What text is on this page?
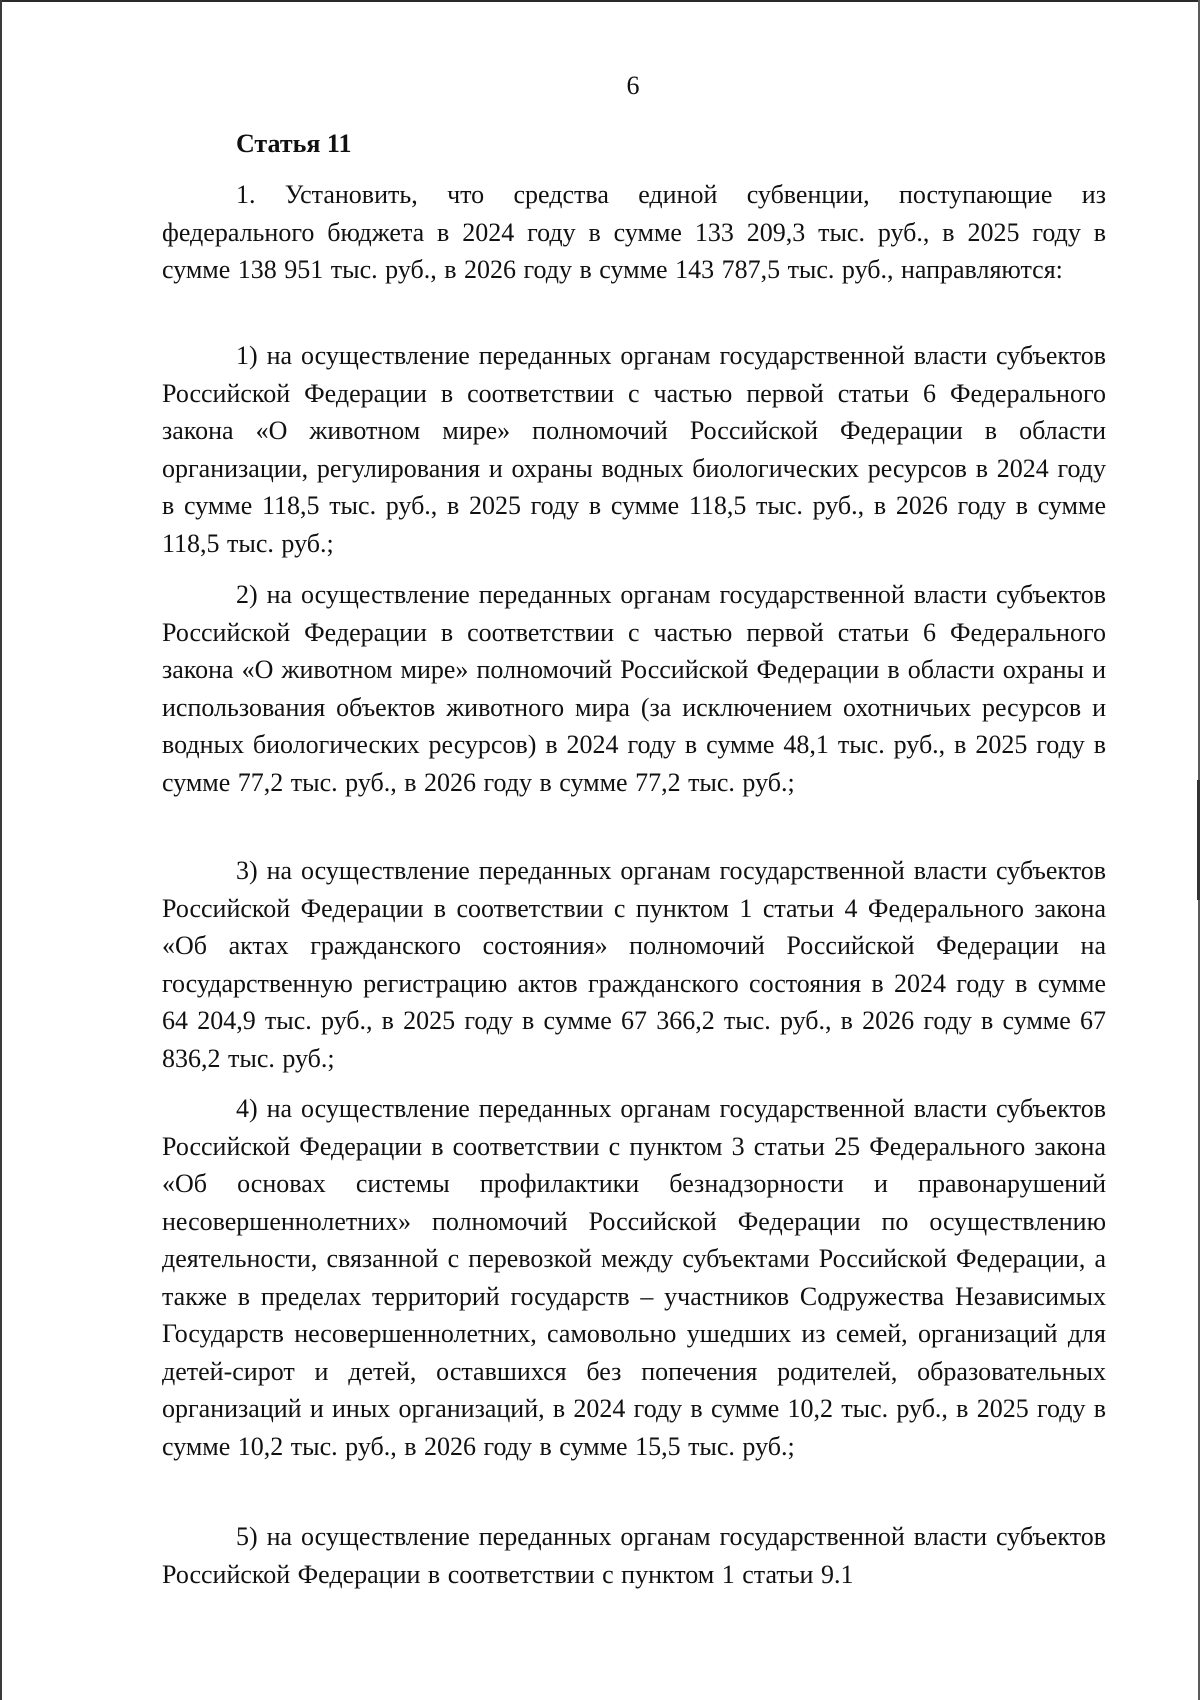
6
Статья 11
1. Установить, что средства единой субвенции, поступающие из федерального бюджета в 2024 году в сумме 133 209,3 тыс. руб., в 2025 году в сумме 138 951 тыс. руб., в 2026 году в сумме 143 787,5 тыс. руб., направляются:
1) на осуществление переданных органам государственной власти субъектов Российской Федерации в соответствии с частью первой статьи 6 Федерального закона «О животном мире» полномочий Российской Федерации в области организации, регулирования и охраны водных биологических ресурсов в 2024 году в сумме 118,5 тыс. руб., в 2025 году в сумме 118,5 тыс. руб., в 2026 году в сумме 118,5 тыс. руб.;
2) на осуществление переданных органам государственной власти субъектов Российской Федерации в соответствии с частью первой статьи 6 Федерального закона «О животном мире» полномочий Российской Федерации в области охраны и использования объектов животного мира (за исключением охотничьих ресурсов и водных биологических ресурсов) в 2024 году в сумме 48,1 тыс. руб., в 2025 году в сумме 77,2 тыс. руб., в 2026 году в сумме 77,2 тыс. руб.;
3) на осуществление переданных органам государственной власти субъектов Российской Федерации в соответствии с пунктом 1 статьи 4 Федерального закона «Об актах гражданского состояния» полномочий Российской Федерации на государственную регистрацию актов гражданского состояния в 2024 году в сумме 64 204,9 тыс. руб., в 2025 году в сумме 67 366,2 тыс. руб., в 2026 году в сумме 67 836,2 тыс. руб.;
4) на осуществление переданных органам государственной власти субъектов Российской Федерации в соответствии с пунктом 3 статьи 25 Федерального закона «Об основах системы профилактики безнадзорности и правонарушений несовершеннолетних» полномочий Российской Федерации по осуществлению деятельности, связанной с перевозкой между субъектами Российской Федерации, а также в пределах территорий государств – участников Содружества Независимых Государств несовершеннолетних, самовольно ушедших из семей, организаций для детей-сирот и детей, оставшихся без попечения родителей, образовательных организаций и иных организаций, в 2024 году в сумме 10,2 тыс. руб., в 2025 году в сумме 10,2 тыс. руб., в 2026 году в сумме 15,5 тыс. руб.;
5) на осуществление переданных органам государственной власти субъектов Российской Федерации в соответствии с пунктом 1 статьи 9.1
